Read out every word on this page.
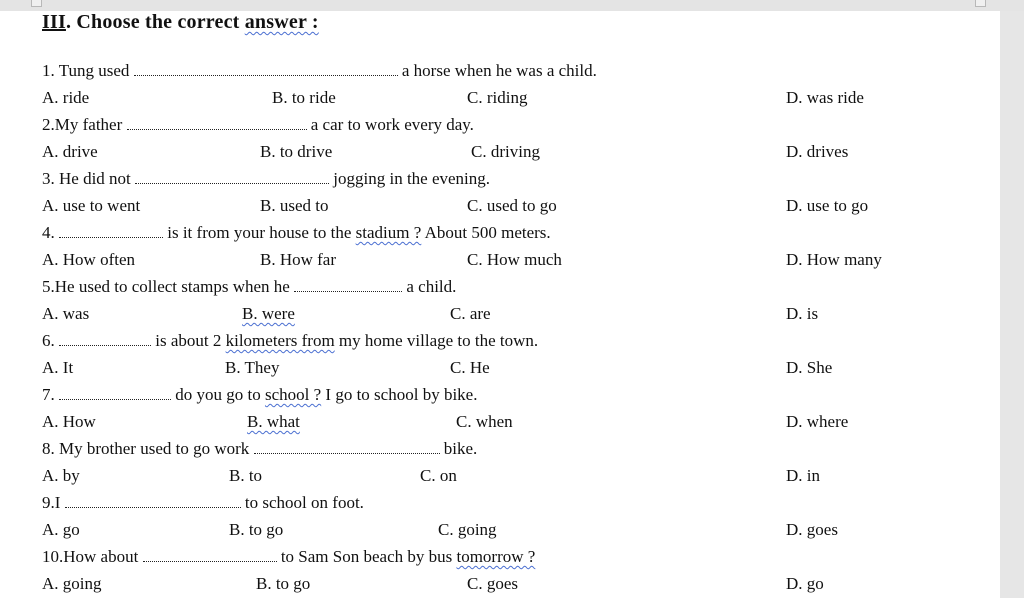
III. Choose the correct answer :
1. Tung used	a horse when he was a child.
A. ride	B. to ride	C. riding	D. was ride
2.My father	a car to work every day.
A. drive	B. to drive	C. driving	D. drives
3. He did not	jogging in the evening.
A. use to went	B. used to	C. used to go	D. use to go
4.	is it from your house to the stadium ? About 500 meters.
A. How often	B. How far	C. How much	D. How many
5.He used to collect stamps when he	a child.
A. was	B. were	C. are	D. is
6.	is about 2 kilometers from my home village to the town.
A. It	B. They	C. He	D. She
7.	do you go to school ? I go to school by bike.
A. How	B. what	C. when	D. where
8. My brother used to go work	bike.
A. by	B. to	C. on	D. in
9.I	to school on foot.
A. go	B. to go	C. going	D. goes
10.How about	to Sam Son beach by bus tomorrow ?
A. going	B. to go	C. goes	D. go
